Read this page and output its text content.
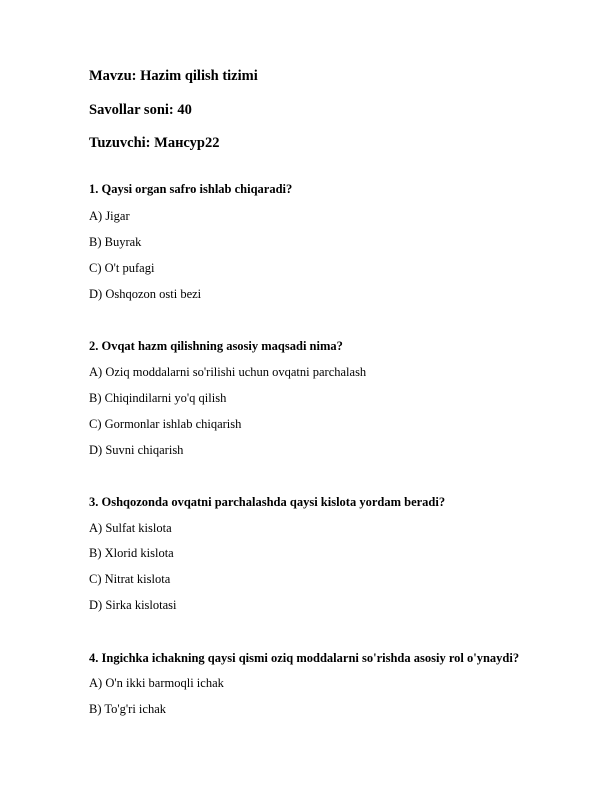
Mavzu: Hazim qilish tizimi
Savollar soni: 40
Tuzuvchi: Мансур22
1. Qaysi organ safro ishlab chiqaradi?
A) Jigar
B) Buyrak
C) O't pufagi
D) Oshqozon osti bezi
2. Ovqat hazm qilishning asosiy maqsadi nima?
A) Oziq moddalarni so'rilishi uchun ovqatni parchalash
B) Chiqindilarni yo'q qilish
C) Gormonlar ishlab chiqarish
D) Suvni chiqarish
3. Oshqozonda ovqatni parchalashda qaysi kislota yordam beradi?
A) Sulfat kislota
B) Xlorid kislota
C) Nitrat kislota
D) Sirka kislotasi
4. Ingichka ichakning qaysi qismi oziq moddalarni so'rishda asosiy rol o'ynaydi?
A) O'n ikki barmoqli ichak
B) To'g'ri ichak
